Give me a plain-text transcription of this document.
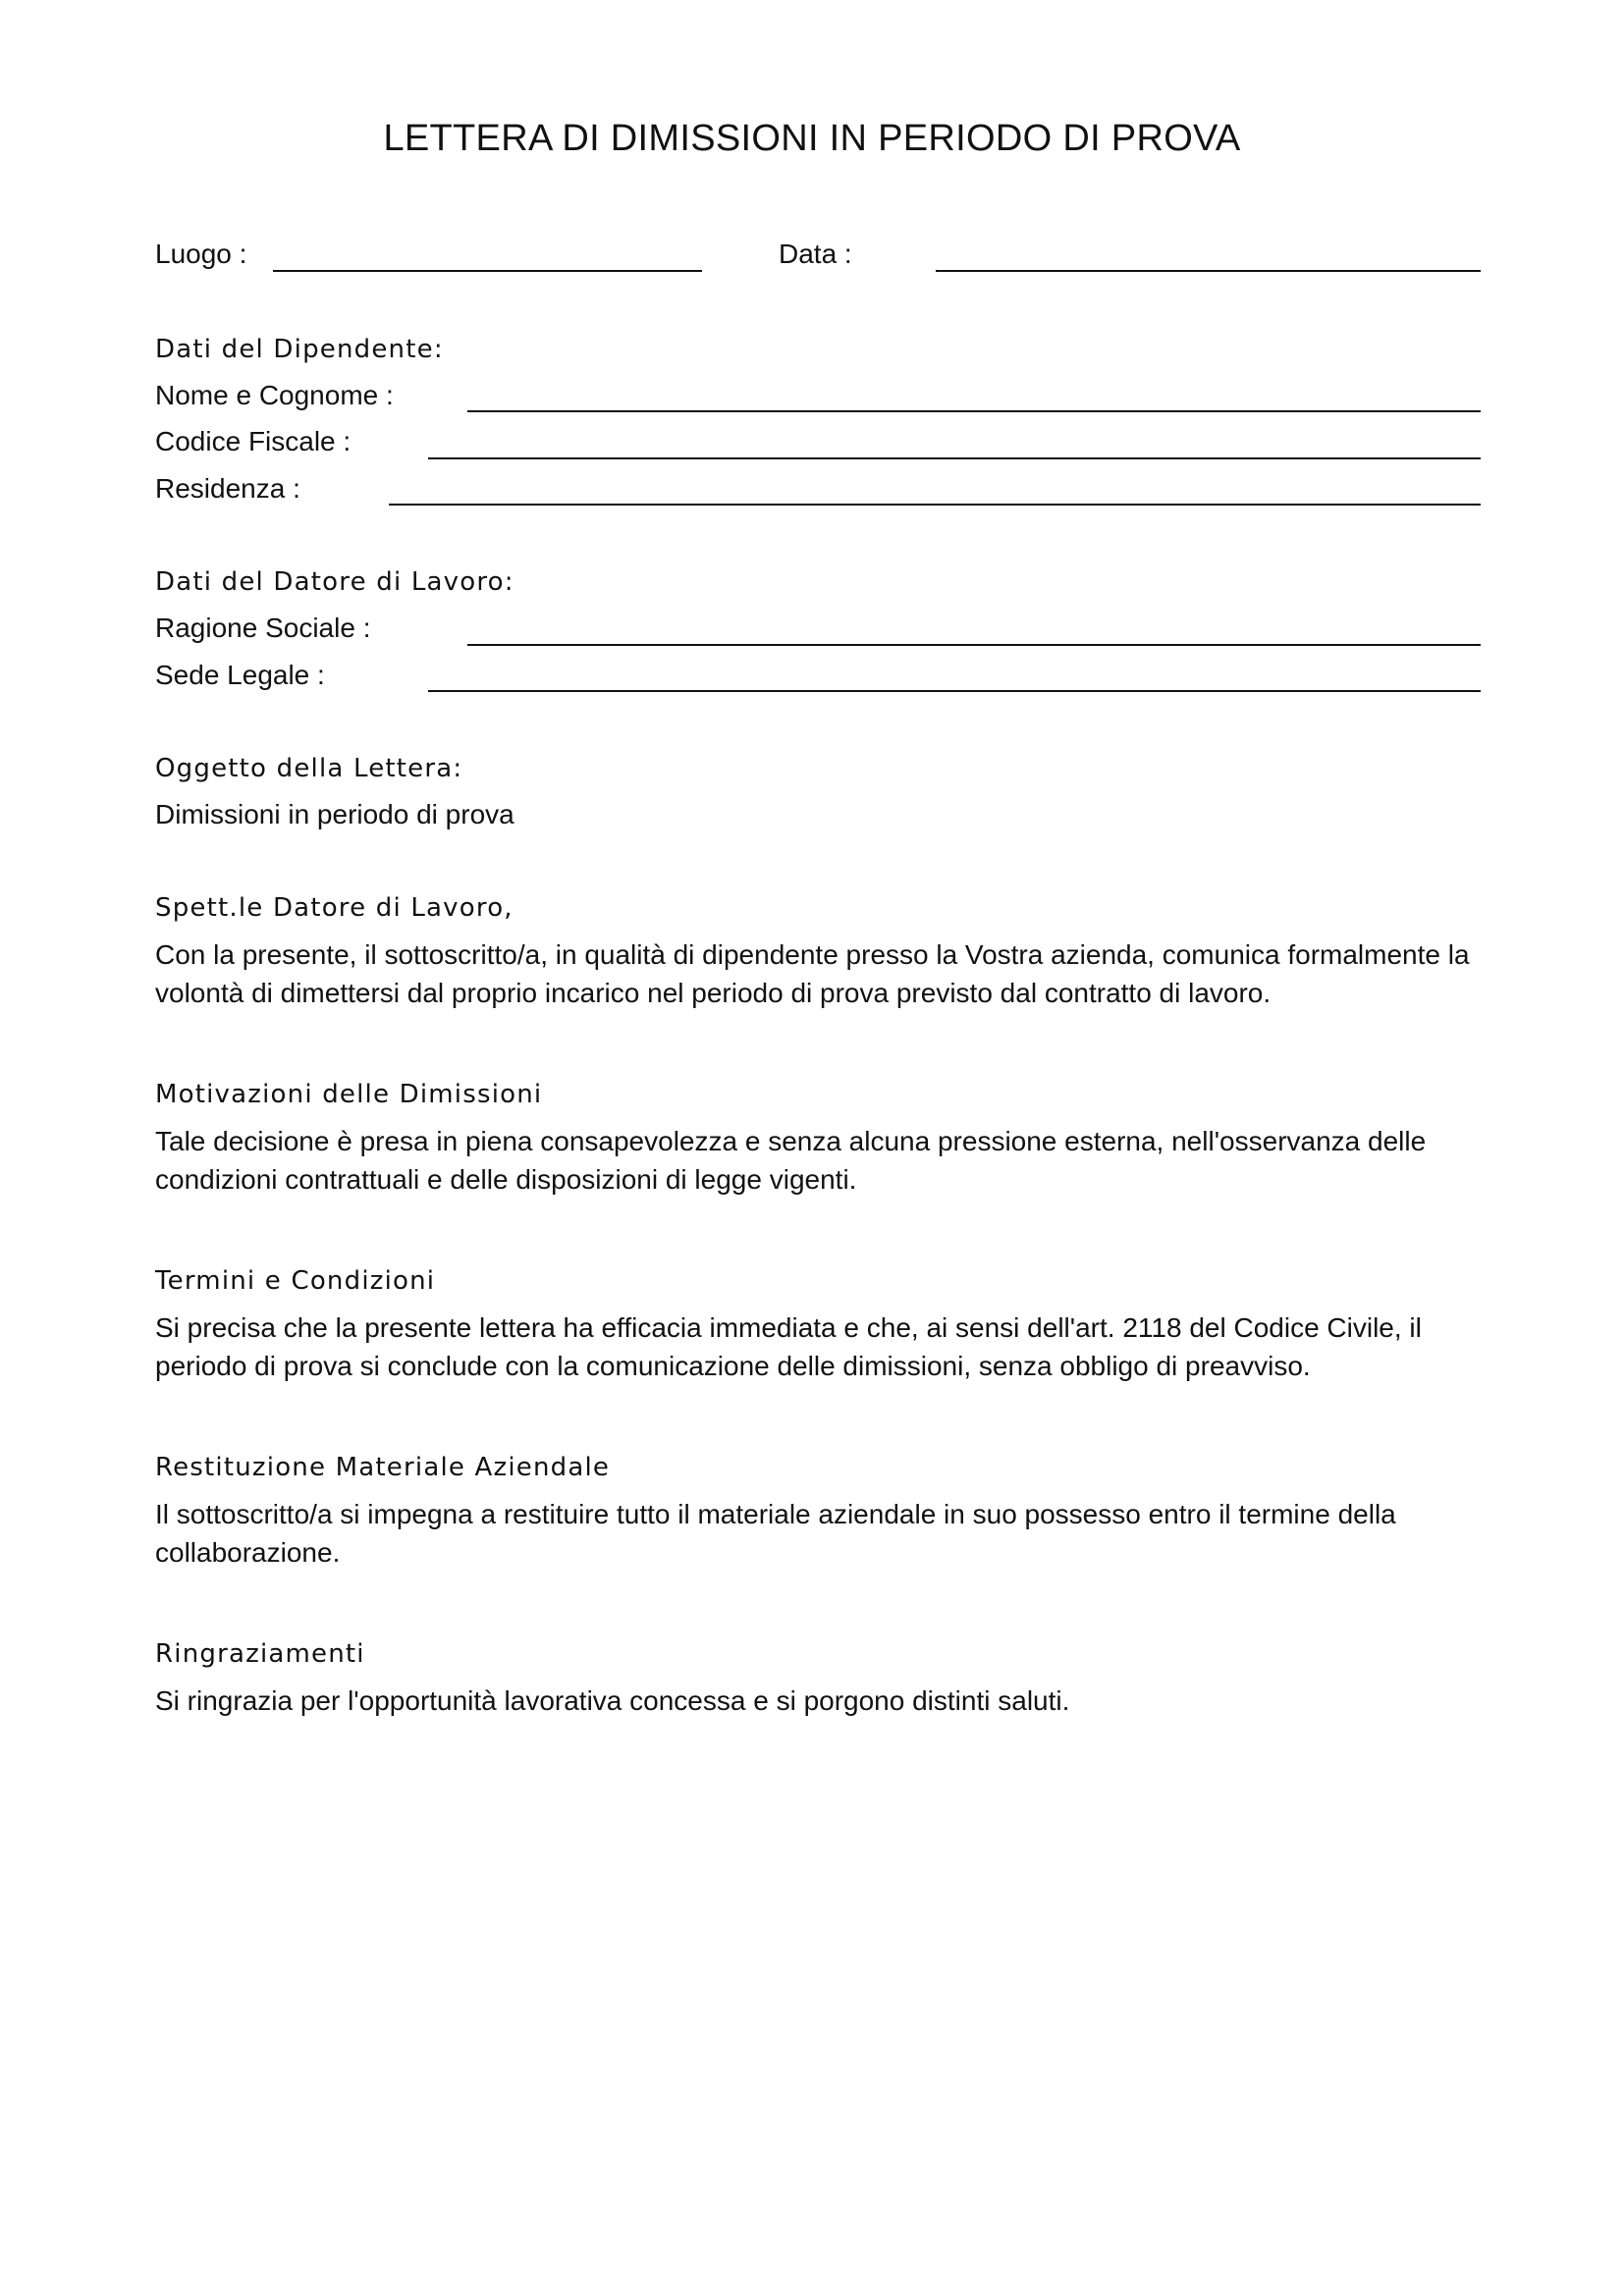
LETTERA DI DIMISSIONI IN PERIODO DI PROVA
Luogo :	Data :
Dati del Dipendente:
Nome e Cognome :
Codice Fiscale :
Residenza :
Dati del Datore di Lavoro:
Ragione Sociale :
Sede Legale :
Oggetto della Lettera:
Dimissioni in periodo di prova
Spett.le Datore di Lavoro,
Con la presente, il sottoscritto/a, in qualità di dipendente presso la Vostra azienda, comunica formalmente la volontà di dimettersi dal proprio incarico nel periodo di prova previsto dal contratto di lavoro.
Motivazioni delle Dimissioni
Tale decisione è presa in piena consapevolezza e senza alcuna pressione esterna, nell'osservanza delle condizioni contrattuali e delle disposizioni di legge vigenti.
Termini e Condizioni
Si precisa che la presente lettera ha efficacia immediata e che, ai sensi dell'art. 2118 del Codice Civile, il periodo di prova si conclude con la comunicazione delle dimissioni, senza obbligo di preavviso.
Restituzione Materiale Aziendale
Il sottoscritto/a si impegna a restituire tutto il materiale aziendale in suo possesso entro il termine della collaborazione.
Ringraziamenti
Si ringrazia per l'opportunità lavorativa concessa e si porgono distinti saluti.
